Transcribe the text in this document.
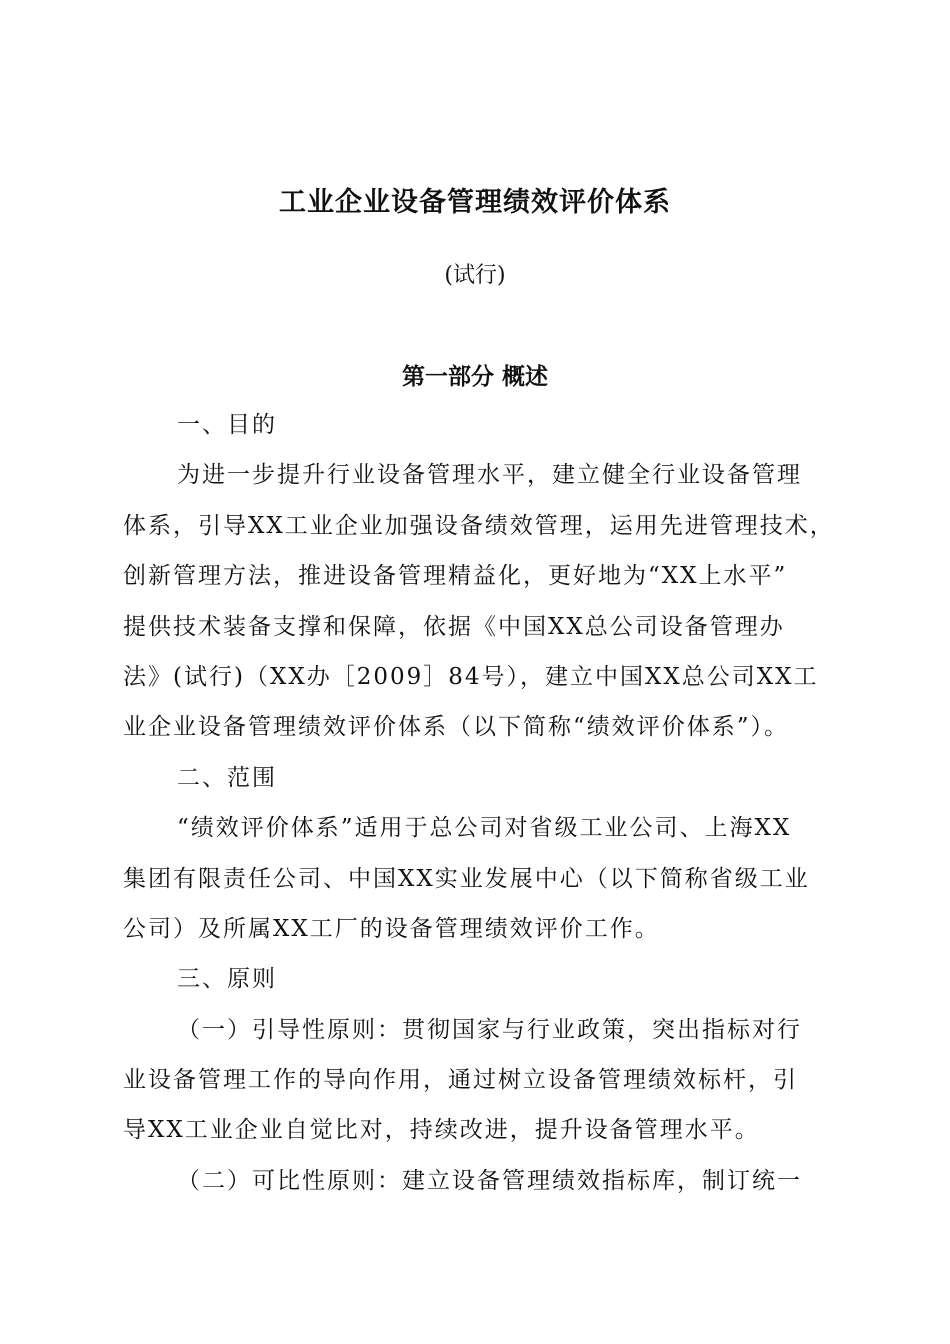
工业企业设备管理绩效评价体系
(试行)
第一部分 概述
一、目的
为进一步提升行业设备管理水平，建立健全行业设备管理
体系，引导XX工业企业加强设备绩效管理，运用先进管理技术，
创新管理方法，推进设备管理精益化，更好地为“XX上水平”
提供技术装备支撑和保障，依据《中国XX总公司设备管理办
法》(试行)（XX办［2009］84号），建立中国XX总公司XX工
业企业设备管理绩效评价体系（以下简称“绩效评价体系”）。
二、范围
“绩效评价体系”适用于总公司对省级工业公司、上海XX
集团有限责任公司、中国XX实业发展中心（以下简称省级工业
公司）及所属XX工厂的设备管理绩效评价工作。
三、原则
（一）引导性原则：贯彻国家与行业政策，突出指标对行
业设备管理工作的导向作用，通过树立设备管理绩效标杆，引
导XX工业企业自觉比对，持续改进，提升设备管理水平。
（二）可比性原则：建立设备管理绩效指标库，制订统一
